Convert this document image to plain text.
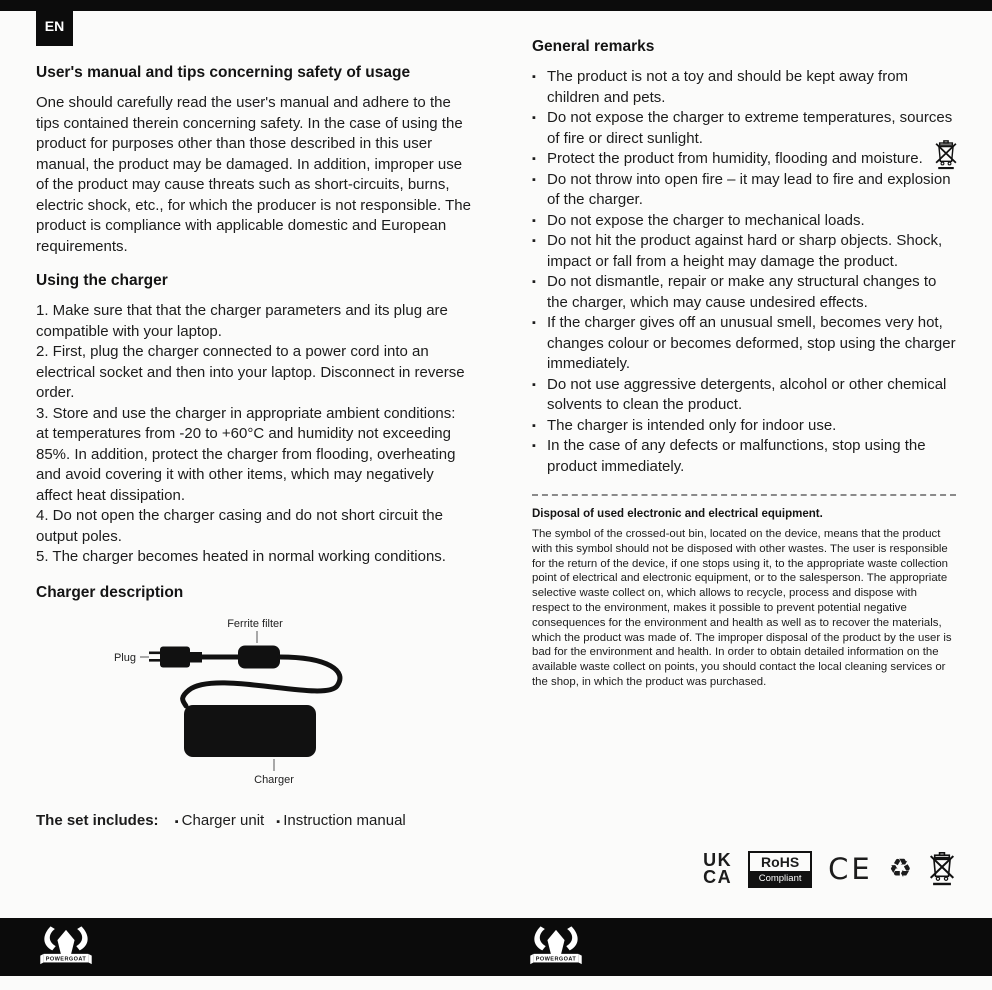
EN
User's manual and tips concerning safety of usage

One should carefully read the user's manual and adhere to the tips contained therein concerning safety. In the case of using the product for purposes other than those described in this user manual, the product may be damaged. In addition, improper use of the product may cause threats such as short-circuits, burns, electric shock, etc., for which the producer is not responsible. The product is compliance with applicable domestic and European requirements.

Using the charger
1. Make sure that that the charger parameters and its plug are compatible with your laptop.
2. First, plug the charger connected to a power cord into an electrical socket and then into your laptop. Disconnect in reverse order.
3. Store and use the charger in appropriate ambient conditions: at temperatures from -20 to +60°C and humidity not exceeding 85%. In addition, protect the charger from flooding, overheating and avoid covering it with other items, which may negatively affect heat dissipation.
4. Do not open the charger casing and do not short circuit the output poles.
5. The charger becomes heated in normal working conditions.
Charger description
Ferrite filter
Plug
Charger
The set includes: ▪ Charger unit ▪ Instruction manual
General remarks
▪ The product is not a toy and should be kept away from children and pets.
▪ Do not expose the charger to extreme temperatures, sources of fire or direct sunlight.
▪ Protect the product from humidity, flooding and moisture.
▪ Do not throw into open fire – it may lead to fire and explosion of the charger.
▪ Do not expose the charger to mechanical loads.
▪ Do not hit the product against hard or sharp objects. Shock, impact or fall from a height may damage the product.
▪ Do not dismantle, repair or make any structural changes to the charger, which may cause undesired effects.
▪ If the charger gives off an unusual smell, becomes very hot, changes colour or becomes deformed, stop using the charger immediately.
▪ Do not use aggressive detergents, alcohol or other chemical solvents to clean the product.
▪ The charger is intended only for indoor use.
▪ In the case of any defects or malfunctions, stop using the product immediately.

Disposal of used electronic and electrical equipment.

The symbol of the crossed-out bin, located on the device, means that the product with this symbol should not be disposed with other wastes. The user is responsible for the return of the device, if one stops using it, to the appropriate waste collection point of electrical and electronic equipment, or to the salesperson. The appropriate selective waste collect on, which allows to recycle, process and dispose with respect to the environment, makes it possible to prevent potential negative consequences for the environment and health as well as to recover the materials, which the product was made of. The improper disposal of the product by the user is bad for the environment and health. In order to obtain detailed information on the available waste collect on points, you should contact the local cleaning services or the shop, in which the product was purchased.

UK
CA
RoHS
Compliant CE ♻
POWERGOAT	POWERGOAT
